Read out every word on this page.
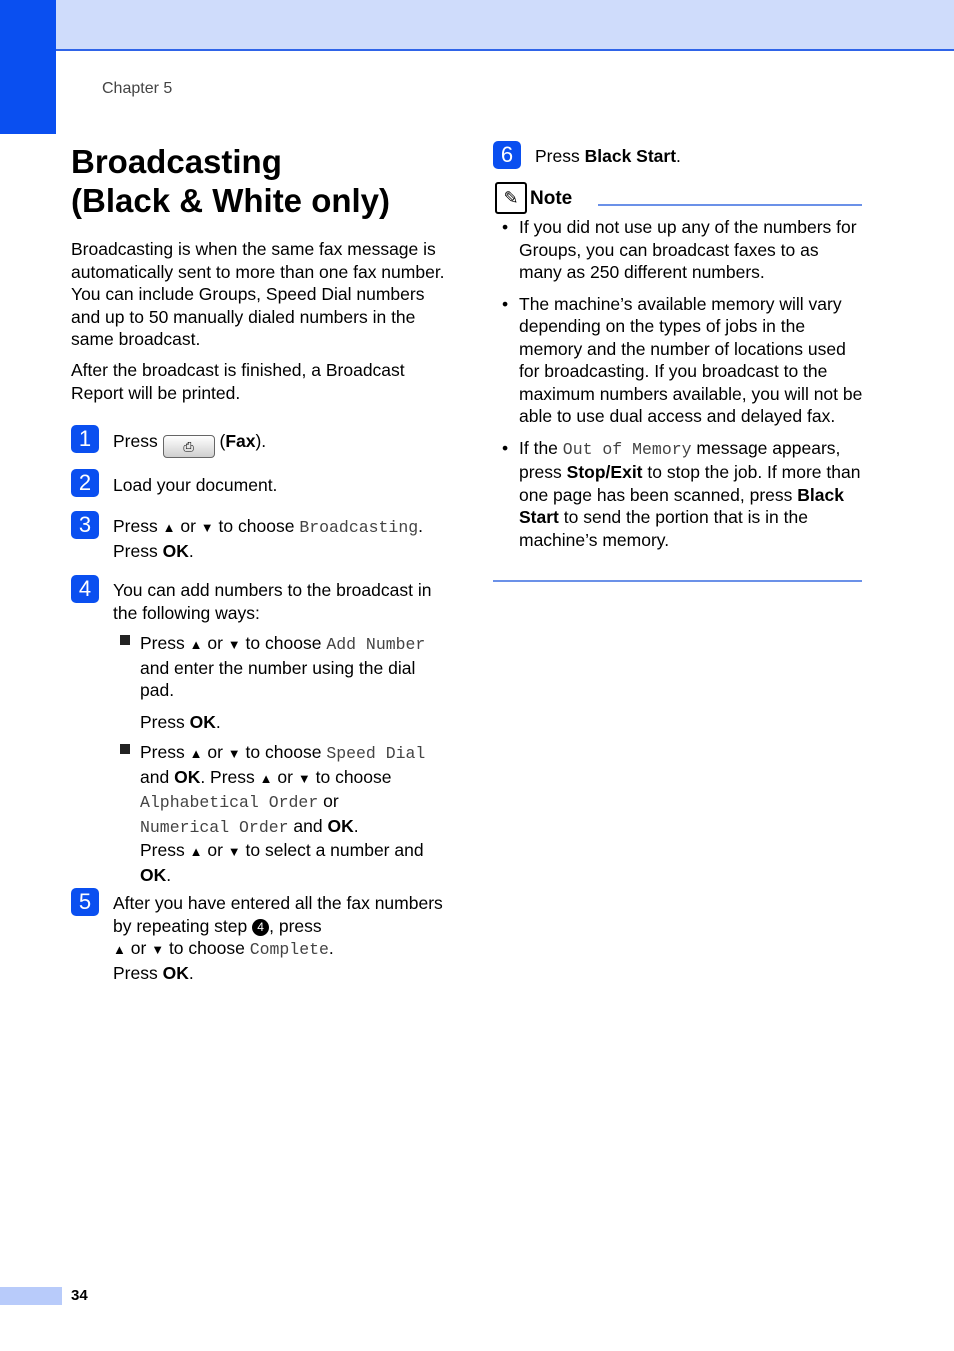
Chapter 5
Broadcasting
(Black & White only)

Broadcasting is when the same fax message is automatically sent to more than one fax number. You can include Groups, Speed Dial numbers and up to 50 manually dialed numbers in the same broadcast.

After the broadcast is finished, a Broadcast Report will be printed.

1	Press ⎙ (Fax).
2	Load your document.
3	Press ▲ or ▼ to choose Broadcasting.
Press OK.
4	You can add numbers to the broadcast in the following ways:
Press ▲ or ▼ to choose Add Number and enter the number using the dial pad.
Press OK.
Press ▲ or ▼ to choose Speed Dial
and OK. Press ▲ or ▼ to choose
Alphabetical Order or
Numerical Order and OK.
Press ▲ or ▼ to select a number and
OK.
5	After you have entered all the fax numbers by repeating step 4 , press
▲ or ▼ to choose Complete.
Press OK.
6	Press Black Start.
✎ Note
• If you did not use up any of the numbers for Groups, you can broadcast faxes to as many as 250 different numbers.
• The machine’s available memory will vary depending on the types of jobs in the memory and the number of locations used for broadcasting. If you broadcast to the maximum numbers available, you will not be able to use dual access and delayed fax.
• If the Out of Memory message appears, press Stop/Exit to stop the job. If more than one page has been scanned, press Black Start to send the portion that is in the machine’s memory.
34
